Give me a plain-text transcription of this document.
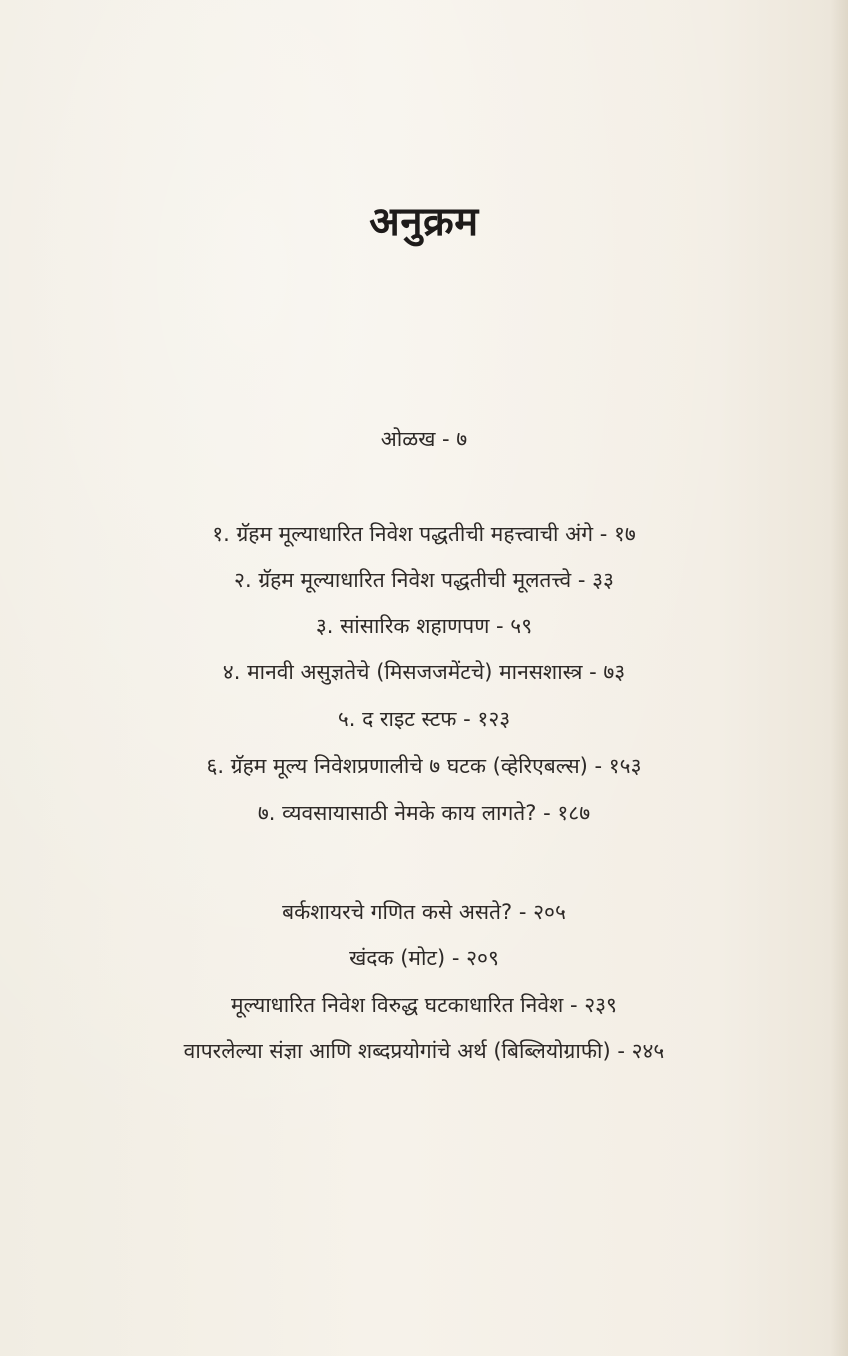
अनुक्रम
ओळख - ७
१. ग्रॅहम मूल्याधारित निवेश पद्धतीची महत्त्वाची अंगे - १७
२. ग्रॅहम मूल्याधारित निवेश पद्धतीची मूलतत्त्वे - ३३
३. सांसारिक शहाणपण - ५९
४. मानवी असुज्ञतेचे (मिसजजमेंटचे) मानसशास्त्र - ७३
५. द राइट स्टफ - १२३
६. ग्रॅहम मूल्य निवेशप्रणालीचे ७ घटक (व्हेरिएबल्स) - १५३
७. व्यवसायासाठी नेमके काय लागते? - १८७
बर्कशायरचे गणित कसे असते? - २०५
खंदक (मोट) - २०९
मूल्याधारित निवेश विरुद्ध घटकाधारित निवेश - २३९
वापरलेल्या संज्ञा आणि शब्दप्रयोगांचे अर्थ (बिब्लियोग्राफी) - २४५
